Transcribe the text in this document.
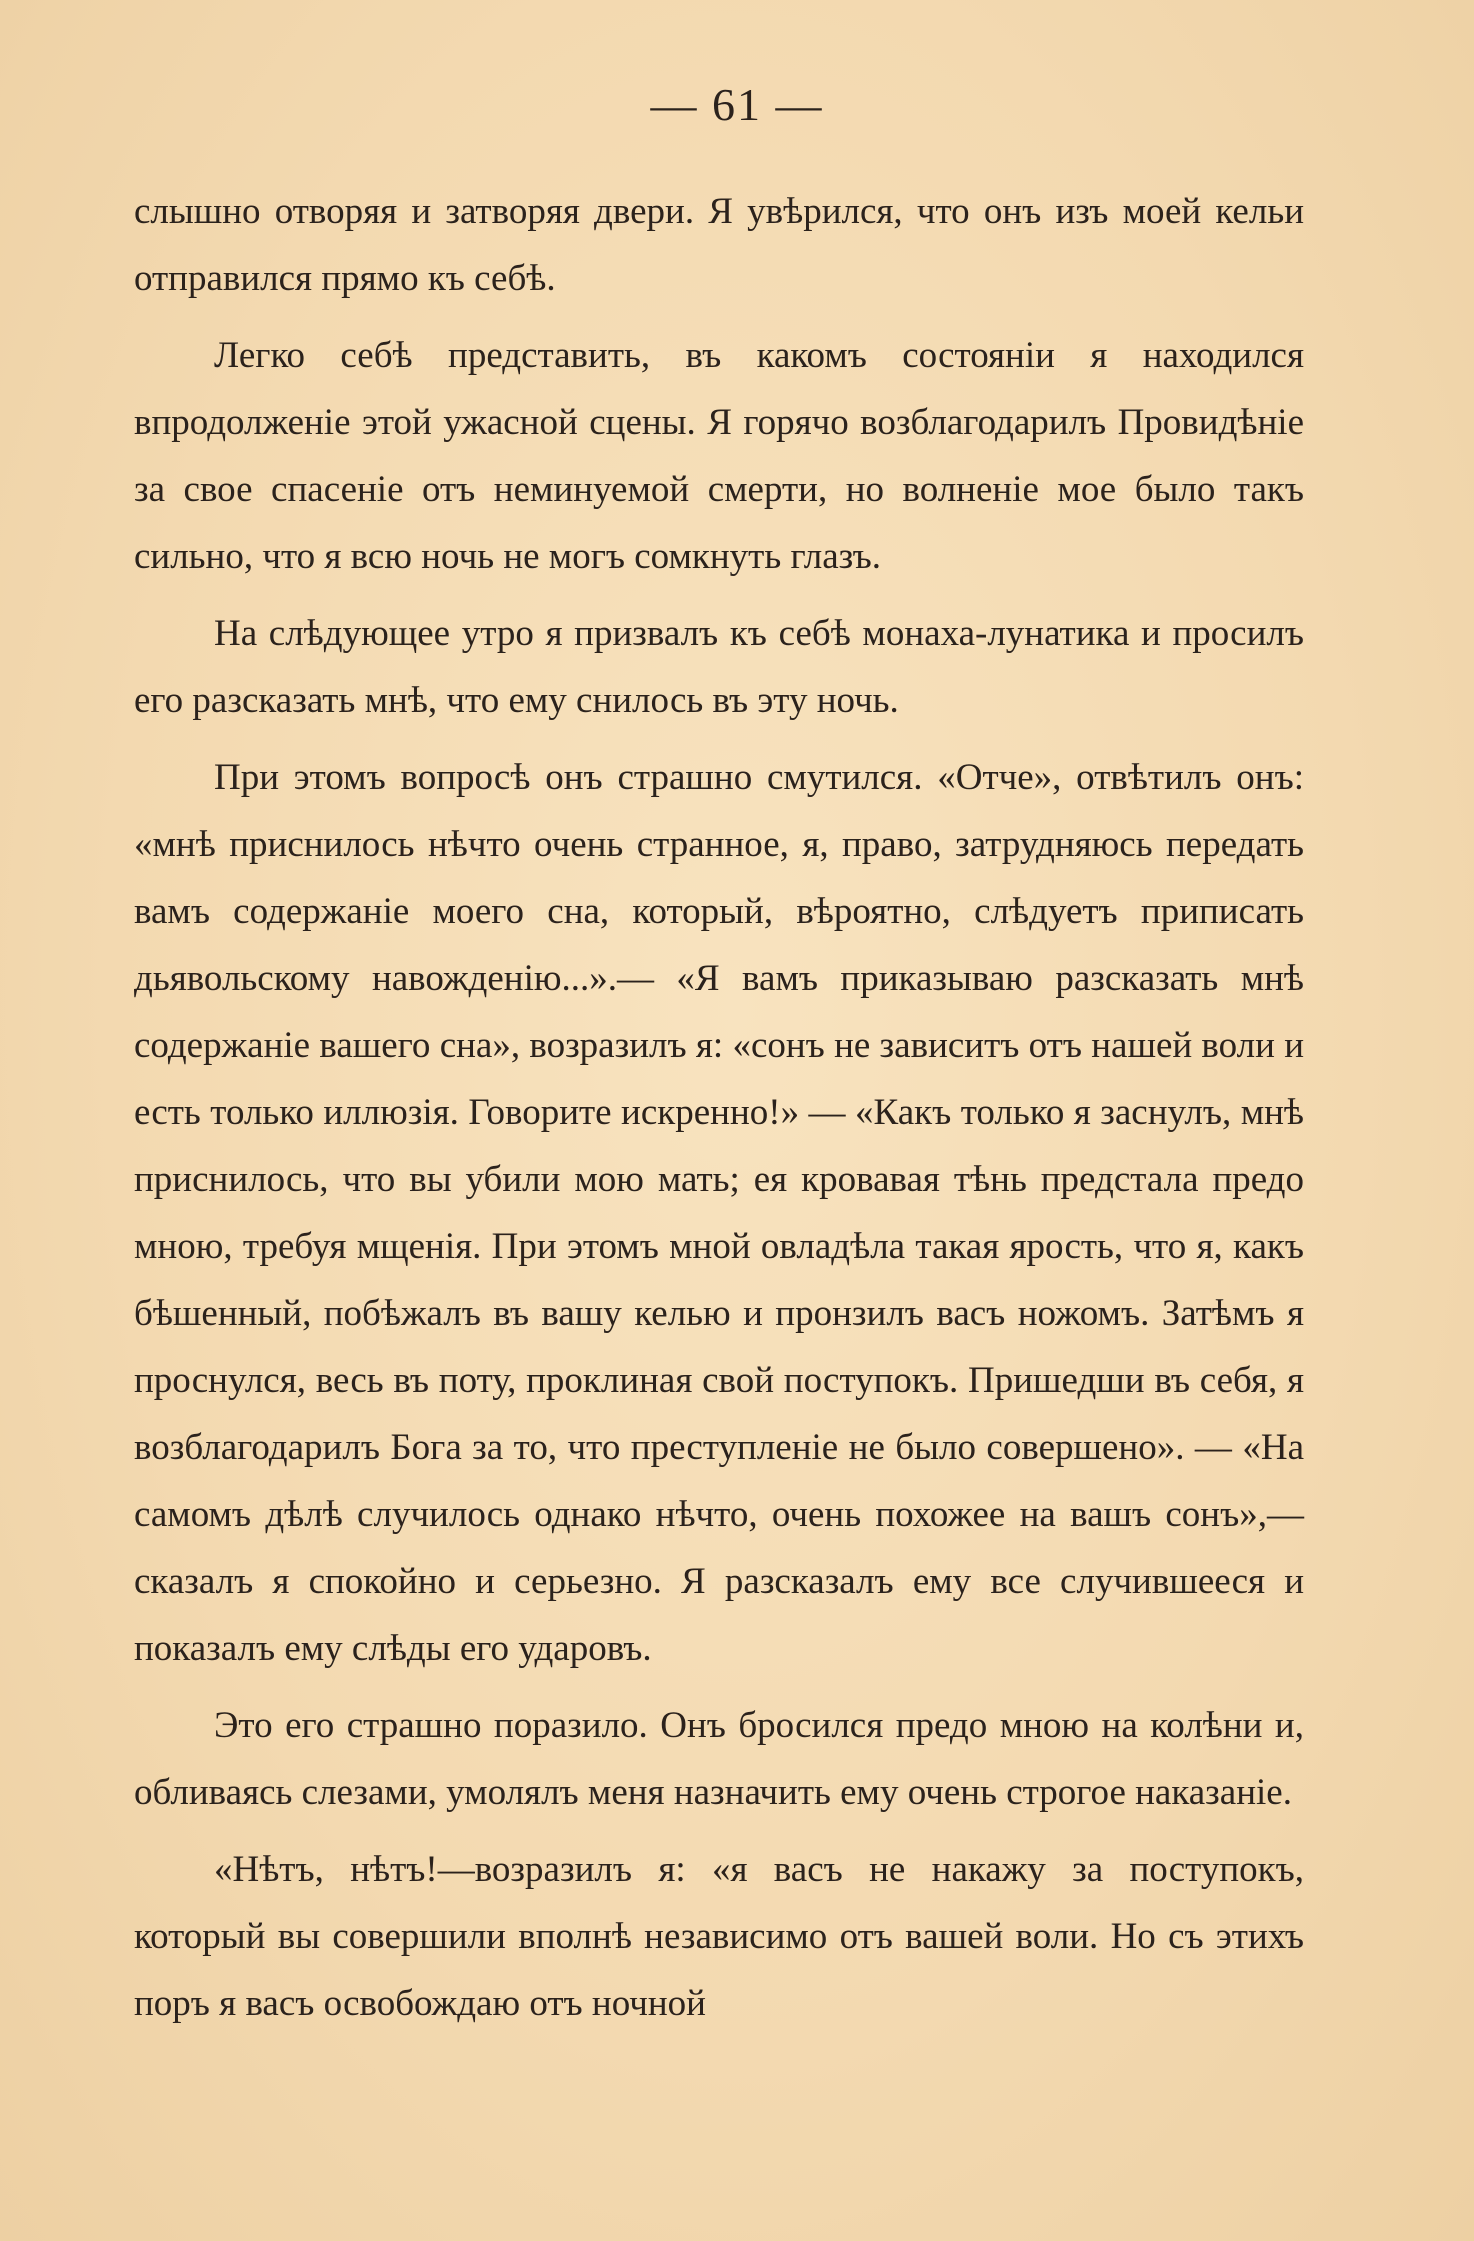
— 61 —

слышно отворяя и затворяя двери. Я увѣрился, что онъ изъ моей кельи отправился прямо къ себѣ.

Легко себѣ представить, въ какомъ состоянiи я находился впродолженiе этой ужасной сцены. Я горячо возблагодарилъ Провидѣнiе за свое спасенiе отъ неминуемой смерти, но волненiе мое было такъ сильно, что я всю ночь не могъ сомкнуть глазъ.

На слѣдующее утро я призвалъ къ себѣ монаха-лунатика и просилъ его разсказать мнѣ, что ему снилось въ эту ночь.

При этомъ вопросѣ онъ страшно смутился. «Отче», отвѣтилъ онъ: «мнѣ приснилось нѣчто очень странное, я, право, затрудняюсь передать вамъ содержанiе моего сна, который, вѣроятно, слѣдуетъ приписать дьявольскому навожденiю...».— «Я вамъ приказываю разсказать мнѣ содержанiе вашего сна», возразилъ я: «сонъ не зависитъ отъ нашей воли и есть только иллюзiя. Говорите искренно!» — «Какъ только я заснулъ, мнѣ приснилось, что вы убили мою мать; ея кровавая тѣнь предстала предо мною, требуя мщенiя. При этомъ мной овладѣла такая ярость, что я, какъ бѣшенный, побѣжалъ въ вашу келью и пронзилъ васъ ножомъ. Затѣмъ я проснулся, весь въ поту, проклиная свой поступокъ. Пришедши въ себя, я возблагодарилъ Бога за то, что преступленiе не было совершено». — «На самомъ дѣлѣ случилось однако нѣчто, очень похожее на вашъ сонъ»,—сказалъ я спокойно и серьезно. Я разсказалъ ему все случившееся и показалъ ему слѣды его ударовъ.

Это его страшно поразило. Онъ бросился предо мною на колѣни и, обливаясь слезами, умолялъ меня назначить ему очень строгое наказанiе.

«Нѣтъ, нѣтъ!—возразилъ я: «я васъ не накажу за поступокъ, который вы совершили вполнѣ независимо отъ вашей воли. Но съ этихъ поръ я васъ освобождаю отъ ночной
